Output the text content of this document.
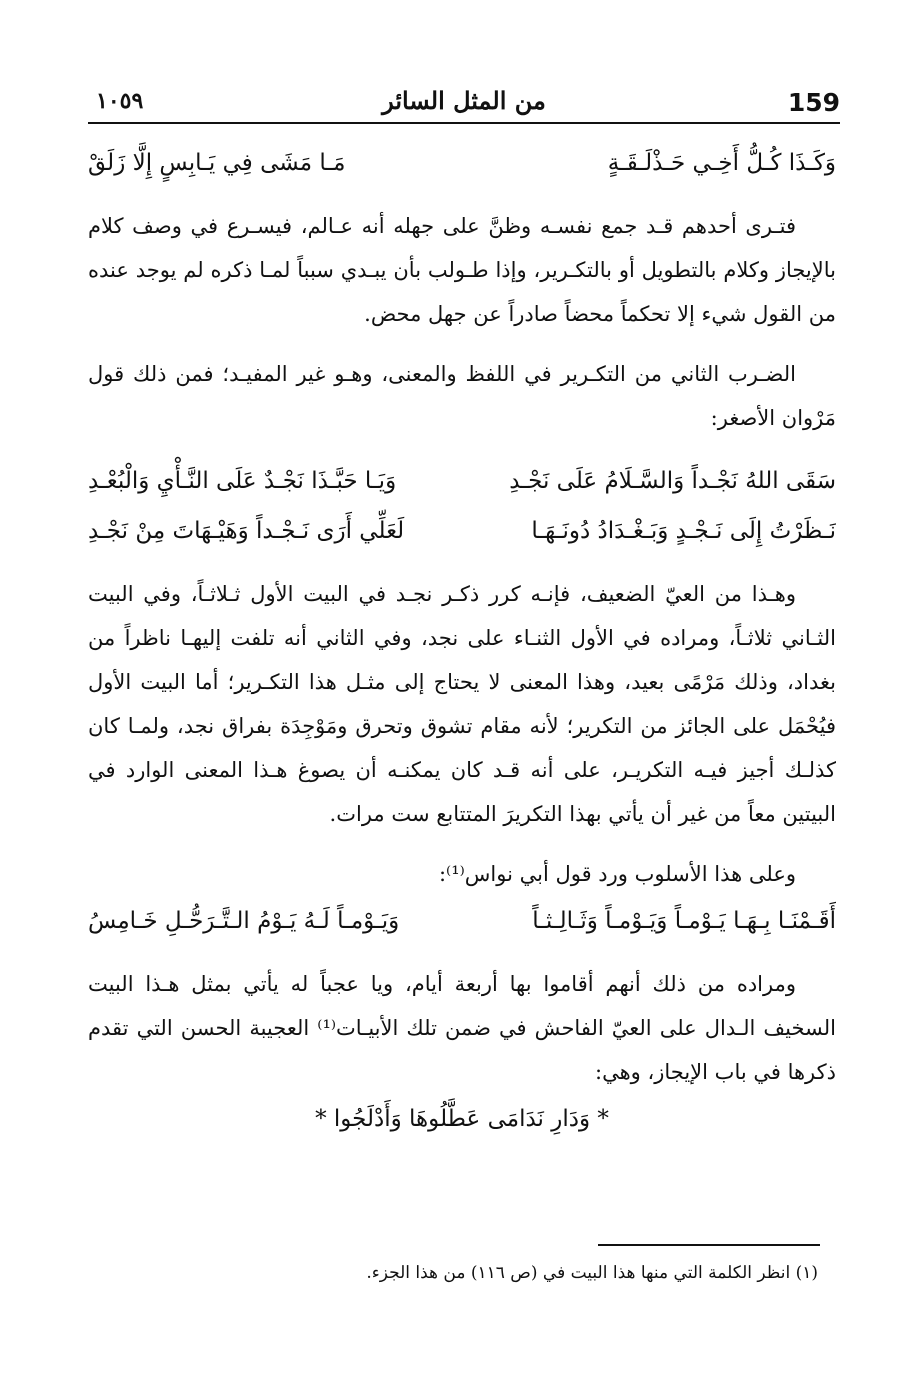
159
من المثل السائر
١٠٥٩
وَكَـذَا كُـلُّ أَخِـي حَـذْلَـقَـةٍ
مَـا مَشَى فِي يَـابِسٍ إِلَّا زَلَقْ

فتـرى أحدهم قـد جمع نفسـه وظنَّ على جهله أنه عـالم، فيسـرع في وصف كلام بالإيجاز وكلام بالتطويل أو بالتكـرير، وإذا طـولب بأن يبـدي سبباً لمـا ذكره لم يوجد عنده من القول شيء إلا تحكماً محضاً صادراً عن جهل محض.

الضـرب الثاني من التكـرير في اللفظ والمعنى، وهـو غير المفيـد؛ فمن ذلك قول مَرْوان الأصغر:

سَقَى اللهُ نَجْـداً وَالسَّـلَامُ عَلَى نَجْـدِ
وَيَـا حَبَّـذَا نَجْـدٌ عَلَى النَّـأْيِ وَالْبُعْـدِ
نَـظَرْتُ إِلَى نَـجْـدٍ وَبَـغْـدَادُ دُونَـهَـا
لَعَلِّي أَرَى نَـجْـداً وَهَيْـهَاتَ مِنْ نَجْـدِ

وهـذا من العيّ الضعيف، فإنـه كرر ذكـر نجـد في البيت الأول ثـلاثـاً، وفي البيت الثـاني ثلاثـاً، ومراده في الأول الثنـاء على نجد، وفي الثاني أنه تلفت إليهـا ناظراً من بغداد، وذلك مَرْمًى بعيد، وهذا المعنى لا يحتاج إلى مثـل هذا التكـرير؛ أما البيت الأول فيُحْمَل على الجائز من التكرير؛ لأنه مقام تشوق وتحرق ومَوْجِدَة بفراق نجد، ولمـا كان كذلـك أجيز فيـه التكريـر، على أنه قـد كان يمكنـه أن يصوغ هـذا المعنى الوارد في البيتين معاً من غير أن يأتي بهذا التكريرَ المتتابع ست مرات.

وعلى هذا الأسلوب ورد قول أبي نواس⁽¹⁾:

أَقَـمْنَـا بِـهَـا يَـوْمـاً وَيَـوْمـاً وَثَـالِـثـاً
وَيَـوْمـاً لَـهُ يَـوْمُ الـتَّـرَحُّـلِ خَـامِسُ

ومراده من ذلك أنهم أقاموا بها أربعة أيام، ويا عجباً له يأتي بمثل هـذا البيت السخيف الـدال على العيّ الفاحش في ضمن تلك الأبيـات⁽¹⁾ العجيبة الحسن التي تقدم ذكرها في باب الإيجاز، وهي:

* وَدَارِ نَدَامَى عَطَّلُوهَا وَأَدْلَجُوا *

(١) انظر الكلمة التي منها هذا البيت في (ص ١١٦) من هذا الجزء.
